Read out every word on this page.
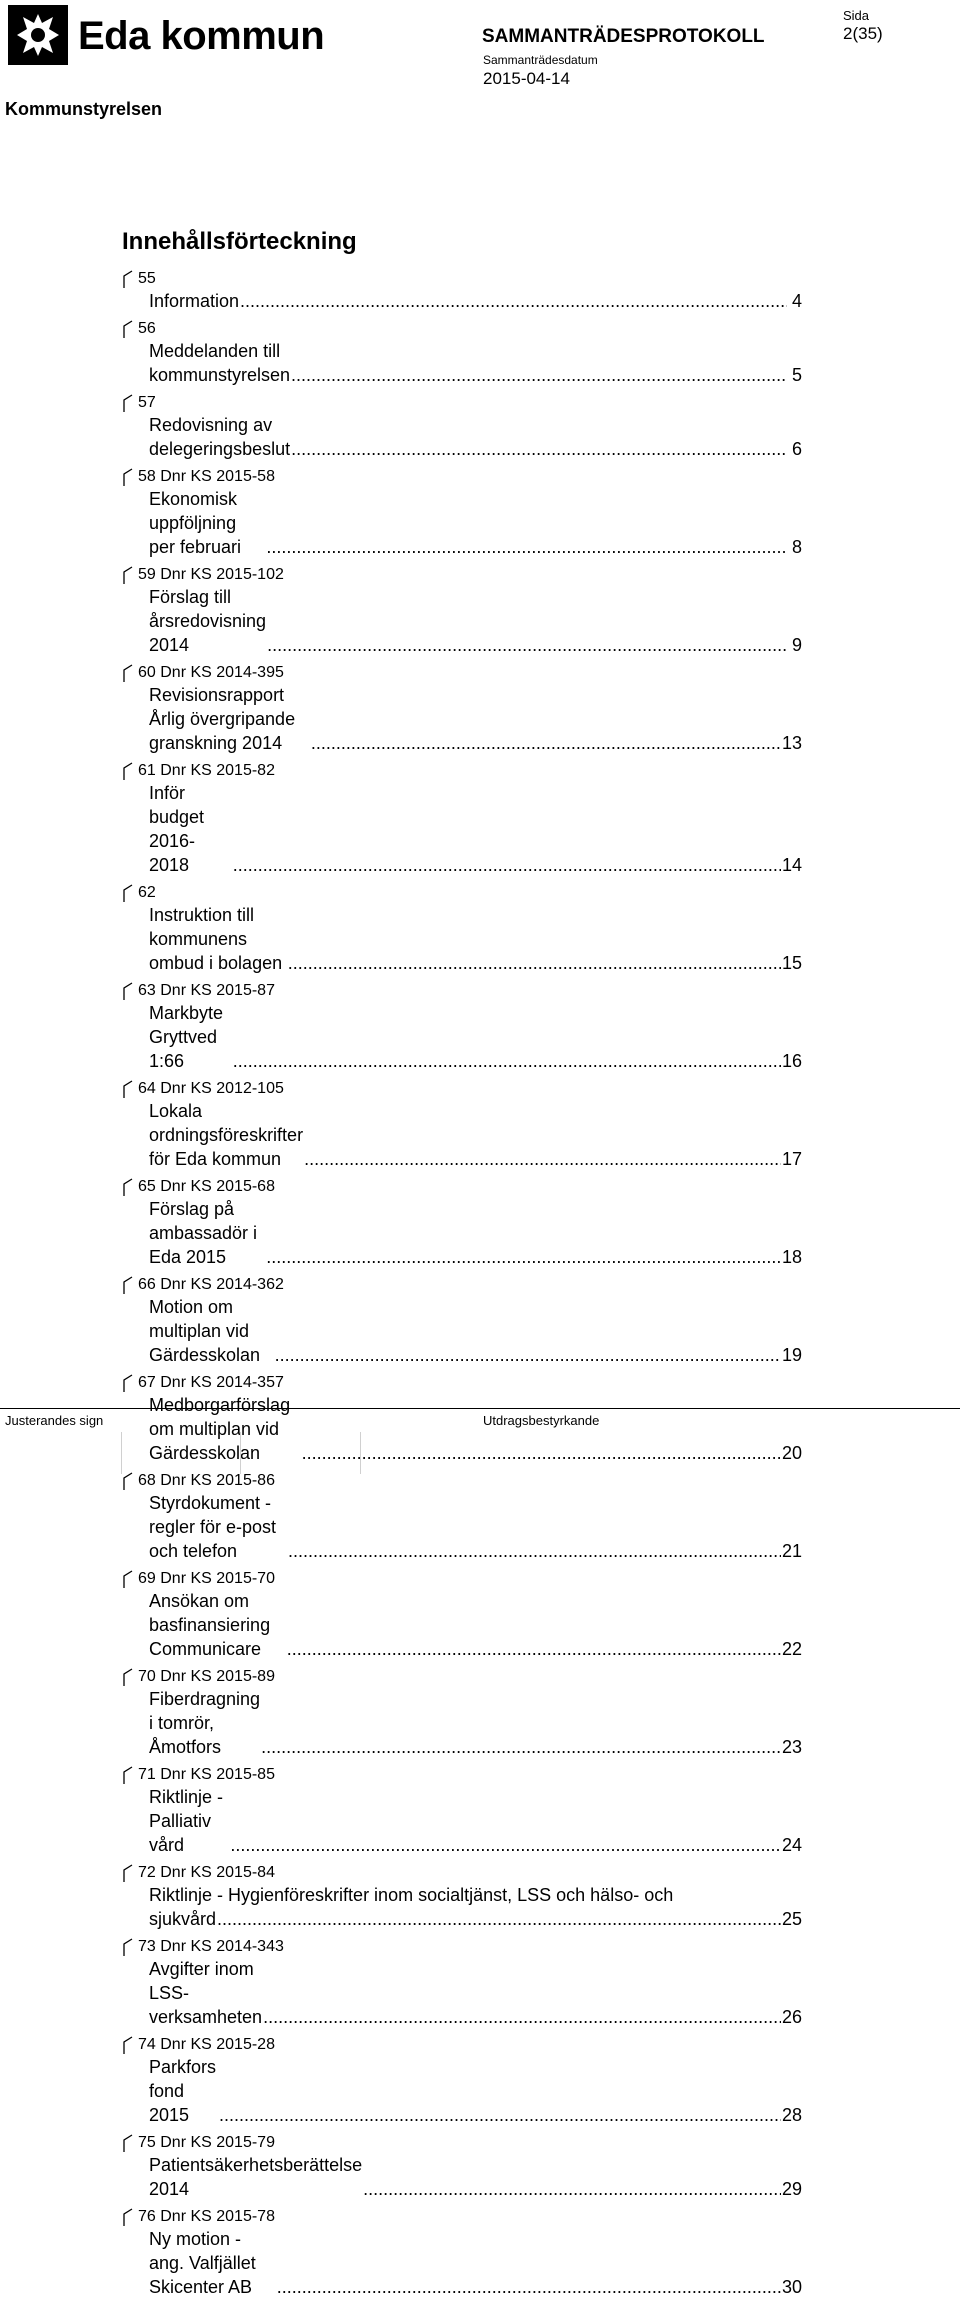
Eda kommun	SAMMANTRÄDESPROTOKOLL
Sammanträdesdatum
2015-04-14
Sida
2(35)
Kommunstyrelsen
Innehållsförteckning
55
Information .....	4
56
Meddelanden till kommunstyrelsen .....	5
57
Redovisning av delegeringsbeslut .....	6
58 Dnr KS 2015-58
Ekonomisk uppföljning per februari .....	8
59 Dnr KS 2015-102
Förslag till årsredovisning 2014 .....	9
60 Dnr KS 2014-395
Revisionsrapport Årlig övergripande granskning 2014 .....	13
61 Dnr KS 2015-82
Inför budget 2016-2018 .....	14
62
Instruktion till kommunens ombud i bolagen .....	15
63 Dnr KS 2015-87
Markbyte Gryttved 1:66 .....	16
64 Dnr KS 2012-105
Lokala ordningsföreskrifter för Eda kommun .....	17
65 Dnr KS 2015-68
Förslag på ambassadör i Eda 2015 .....	18
66 Dnr KS 2014-362
Motion om multiplan vid Gärdesskolan .....	19
67 Dnr KS 2014-357
Medborgarförslag om multiplan vid Gärdesskolan .....	20
68 Dnr KS 2015-86
Styrdokument - regler för e-post och telefon .....	21
69 Dnr KS 2015-70
Ansökan om basfinansiering Communicare .....	22
70 Dnr KS 2015-89
Fiberdragning i tomrör, Åmotfors .....	23
71 Dnr KS 2015-85
Riktlinje - Palliativ vård .....	24
72 Dnr KS 2015-84
Riktlinje - Hygienföreskrifter inom socialtjänst, LSS och hälso- och
sjukvård .....	25
73 Dnr KS 2014-343
Avgifter inom LSS-verksamheten .....	26
74 Dnr KS 2015-28
Parkfors fond 2015 .....	28
75 Dnr KS 2015-79
Patientsäkerhetsberättelse 2014 .....	29
76 Dnr KS 2015-78
Ny motion - ang. Valfjället Skicenter AB .....	30
Justerandes sign	Utdragsbestyrkande
